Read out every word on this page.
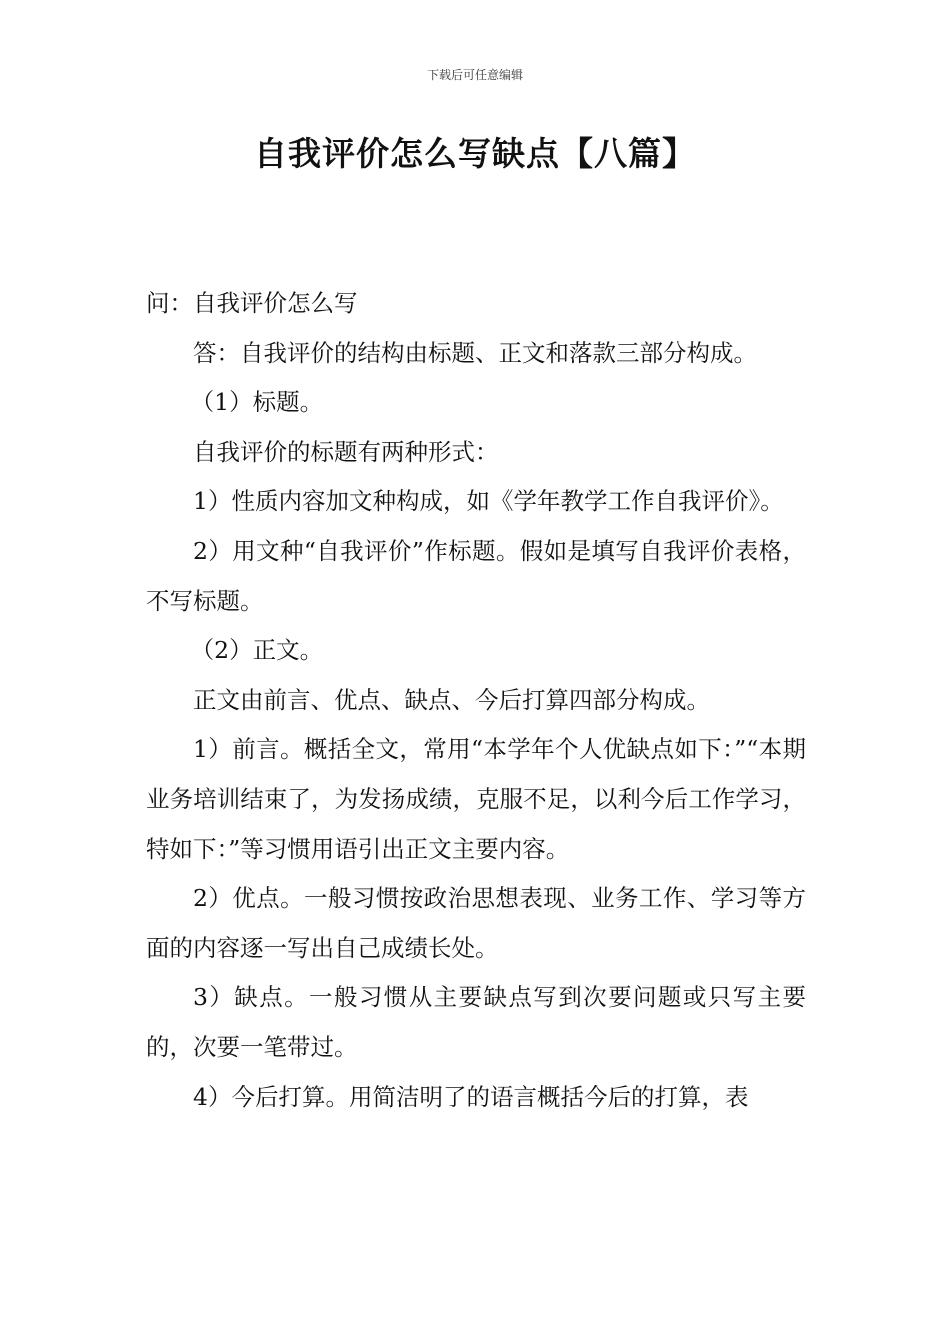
下载后可任意编辑
自我评价怎么写缺点【八篇】

问：自我评价怎么写

答：自我评价的结构由标题、正文和落款三部分构成。

（1）标题。

自我评价的标题有两种形式：

1）性质内容加文种构成，如《学年教学工作自我评价》。

2）用文种“自我评价”作标题。假如是填写自我评价表格，不写标题。

（2）正文。

正文由前言、优点、缺点、今后打算四部分构成。

1）前言。概括全文，常用“本学年个人优缺点如下：”“本期业务培训结束了，为发扬成绩，克服不足，以利今后工作学习，特如下：”等习惯用语引出正文主要内容。

2）优点。一般习惯按政治思想表现、业务工作、学习等方面的内容逐一写出自己成绩长处。

3）缺点。一般习惯从主要缺点写到次要问题或只写主要的，次要一笔带过。

4）今后打算。用简洁明了的语言概括今后的打算，表
